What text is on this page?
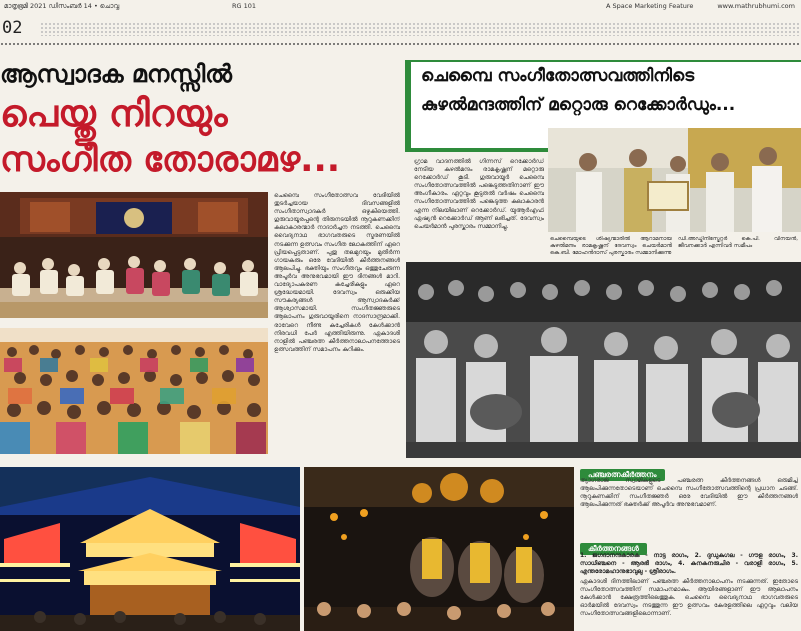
മാതൃഭൂമി 2021 ഡിസംബർ 14 • ചൊവ്വ	RG 101	A Space Marketing Feature	www.mathrubhumi.com
02
ആസ്വാദക മനസ്സിൽ
പെയ്തു നിറയും
സംഗീത തോരാമഴ...
ചെമ്പൈ സംഗീതോത്സവത്തിനിടെ
കുഴൽമന്ദത്തിന് മറ്റൊരു റെക്കോർഡും...
ചെമ്പൈ സംഗീതോത്സവ വേദിയിൽ തുടർച്ചയായ ദിവസങ്ങളിൽ സംഗീതാസ്വാദകർ ഒഴുകിയെത്തി. ഗുരുവായൂരപ്പന്റെ തിരുനടയിൽ നൂറുകണക്കിന് കലാകാരന്മാർ നാദാർച്ചന നടത്തി. ചെമ്പൈ വൈദ്യനാഥ ഭാഗവതരുടെ സ്മരണയിൽ നടക്കുന്ന ഉത്സവം സംഗീത ലോകത്തിന് ഏറെ പ്രിയപ്പെട്ടതാണ്. പുതു തലമുറയും മുതിർന്ന ഗായകരും ഒരേ വേദിയിൽ കീർത്തനങ്ങൾ ആലപിച്ചു. ഭക്തിയും സംഗീതവും ഒത്തുചേരുന്ന അപൂർവ അനുഭവമായി ഈ ദിനങ്ങൾ മാറി. വാദ്യോപകരണ കച്ചേരികളും ഏറെ ശ്രദ്ധേയമായി. ദേവസ്വം ഒരുക്കിയ സൗകര്യങ്ങൾ ആസ്വാദകർക്ക് ആശ്വാസമായി. സംഗീതജ്ഞരുടെ ആലാപനം ഗുരുവായൂരിനെ നാദസാന്ദ്രമാക്കി. രാവേറെ നീണ്ട കച്ചേരികൾ കേൾക്കാൻ നിരവധി പേർ എത്തിയിരുന്നു. ഏകാദശി നാളിൽ പഞ്ചരത്ന കീർത്തനാലാപനത്തോടെ ഉത്സവത്തിന് സമാപനം കുറിക്കും.
ഗ്രാമ വാദനത്തിൽ ഗിന്നസ് റെക്കോർഡ് നേടിയ കുഴൽമന്ദം രാമകൃഷ്ണന് മറ്റൊരു റെക്കോർഡ് കൂടി. ഗുരുവായൂർ ചെമ്പൈ സംഗീതോത്സവത്തിൽ പങ്കെടുത്തതിനാണ് ഈ അംഗീകാരം. ഏറ്റവും കൂടുതൽ വർഷം ചെമ്പൈ സംഗീതോത്സവത്തിൽ പങ്കെടുത്ത കലാകാരൻ എന്ന നിലയിലാണ് റെക്കോർഡ്. യുആർഎഫ് ഏഷ്യൻ റെക്കോർഡ് ആണ് ലഭിച്ചത്. ദേവസ്വം ചെയർമാൻ പുരസ്കാരം സമ്മാനിച്ചു.
ചെമ്പൈയുടെ ശിഷ്യന്മാരിൽ ആറാമനായ കുഴൽമന്ദം രാമകൃഷ്ണന് ദേവസ്വം ചെയർമാൻ കെ.ബി. മോഹൻദാസ് പുരസ്കാരം സമ്മാനിക്കുന്നു
ഡി.അഡ്മിനിസ്ട്രേറ്റർ കെ.പി. വിനയൻ, ജീവനക്കാർ എന്നിവർ സമീപം
പഞ്ചരത്നകീർത്തനം
ത്യാഗരാജ സ്വാമികളുടെ പഞ്ചരത്ന കീർത്തനങ്ങൾ ഒരുമിച്ച് ആലപിക്കുന്നതോടെയാണ് ചെമ്പൈ സംഗീതോത്സവത്തിന്റെ പ്രധാന ചടങ്ങ്. നൂറുകണക്കിന് സംഗീതജ്ഞർ ഒരേ വേദിയിൽ ഈ കീർത്തനങ്ങൾ ആലപിക്കുന്നത് ഭക്തർക്ക് അപൂർവ അനുഭവമാണ്.
കീർത്തനങ്ങൾ
1. ജഗദാനന്ദകാരക - നാട്ട രാഗം, 2. ദുഡുകുഗല - ഗൗള രാഗം, 3. സാധിഞ്ചനെ - ആരഭി രാഗം, 4. കനകനരുചിര - വരാളി രാഗം, 5. എന്തരോമഹാനുഭാവുലു - ശ്രീരാഗം.
ഏകാദശി ദിനത്തിലാണ് പഞ്ചരത്ന കീർത്തനാലാപനം നടക്കുന്നത്. ഇതോടെ സംഗീതോത്സവത്തിന് സമാപനമാകും. ആയിരങ്ങളാണ് ഈ ആലാപനം കേൾക്കാൻ ക്ഷേത്രത്തിലെത്തുക. ചെമ്പൈ വൈദ്യനാഥ ഭാഗവതരുടെ ഓർമയിൽ ദേവസ്വം നടത്തുന്ന ഈ ഉത്സവം കേരളത്തിലെ ഏറ്റവും വലിയ സംഗീതോത്സവങ്ങളിലൊന്നാണ്.
